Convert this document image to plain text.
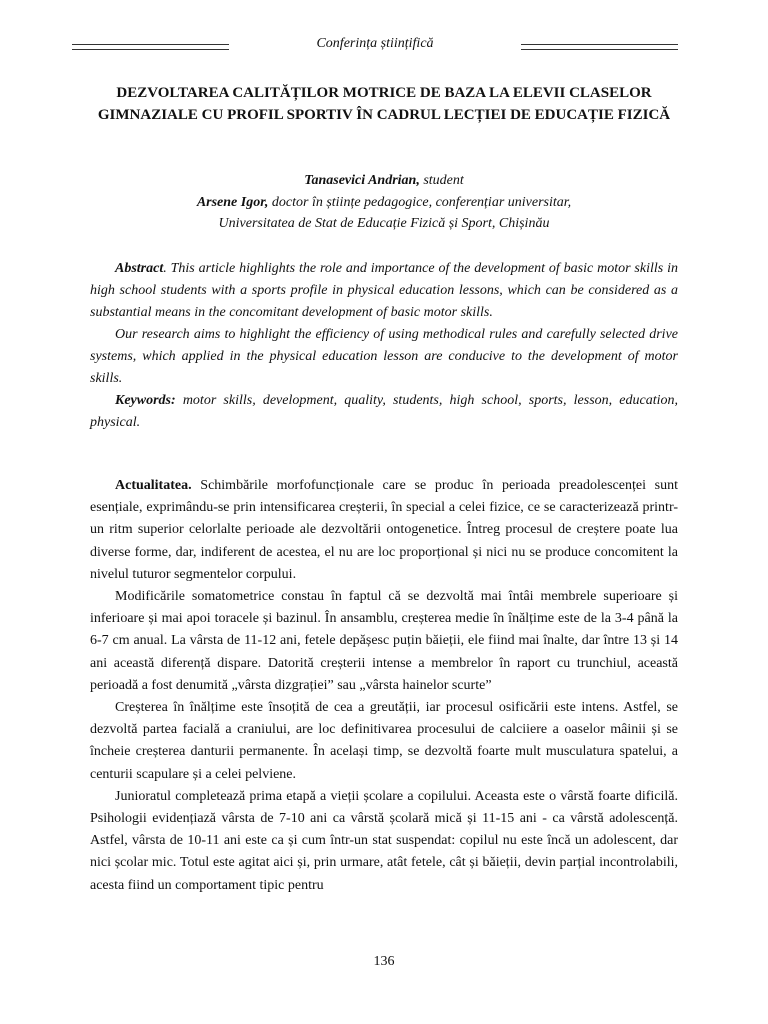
Conferința științifică
DEZVOLTAREA CALITĂȚILOR MOTRICE DE BAZA LA ELEVII CLASELOR GIMNAZIALE CU PROFIL SPORTIV ÎN CADRUL LECȚIEI DE EDUCAȚIE FIZICĂ
Tanasevici Andrian, student
Arsene Igor, doctor în științe pedagogice, conferențiar universitar,
Universitatea de Stat de Educație Fizică și Sport, Chișinău

Abstract. This article highlights the role and importance of the development of basic motor skills in high school students with a sports profile in physical education lessons, which can be considered as a substantial means in the concomitant development of basic motor skills.

Our research aims to highlight the efficiency of using methodical rules and carefully selected drive systems, which applied in the physical education lesson are conducive to the development of motor skills.

Keywords: motor skills, development, quality, students, high school, sports, lesson, education, physical.

Actualitatea. Schimbările morfofuncționale care se produc în perioada preadolescenței sunt esențiale, exprimându-se prin intensificarea creșterii, în special a celei fizice, ce se caracterizează printr-un ritm superior celorlalte perioade ale dezvoltării ontogenetice. Întreg procesul de creștere poate lua diverse forme, dar, indiferent de acestea, el nu are loc proporțional și nici nu se produce concomitent la nivelul tuturor segmentelor corpului.

Modificările somatometrice constau în faptul că se dezvoltă mai întâi membrele superioare și inferioare și mai apoi toracele și bazinul. În ansamblu, creșterea medie în înălțime este de la 3-4 până la 6-7 cm anual. La vârsta de 11-12 ani, fetele depășesc puțin băieții, ele fiind mai înalte, dar între 13 și 14 ani această diferență dispare. Datorită creșterii intense a membrelor în raport cu trunchiul, această perioadă a fost denumită „vârsta dizgrației” sau „vârsta hainelor scurte”

Creșterea în înălțime este însoțită de cea a greutății, iar procesul osificării este intens. Astfel, se dezvoltă partea facială a craniului, are loc definitivarea procesului de calciiere a oaselor mâinii și se încheie creșterea danturii permanente. În același timp, se dezvoltă foarte mult musculatura spatelui, a centurii scapulare și a celei pelviene.

Junioratul completează prima etapă a vieții școlare a copilului. Aceasta este o vârstă foarte dificilă. Psihologii evidențiază vârsta de 7-10 ani ca vârstă școlară mică și 11-15 ani - ca vârstă adolescență. Astfel, vârsta de 10-11 ani este ca și cum într-un stat suspendat: copilul nu este încă un adolescent, dar nici școlar mic. Totul este agitat aici și, prin urmare, atât fetele, cât și băieții, devin parțial incontrolabili, acesta fiind un comportament tipic pentru

136
